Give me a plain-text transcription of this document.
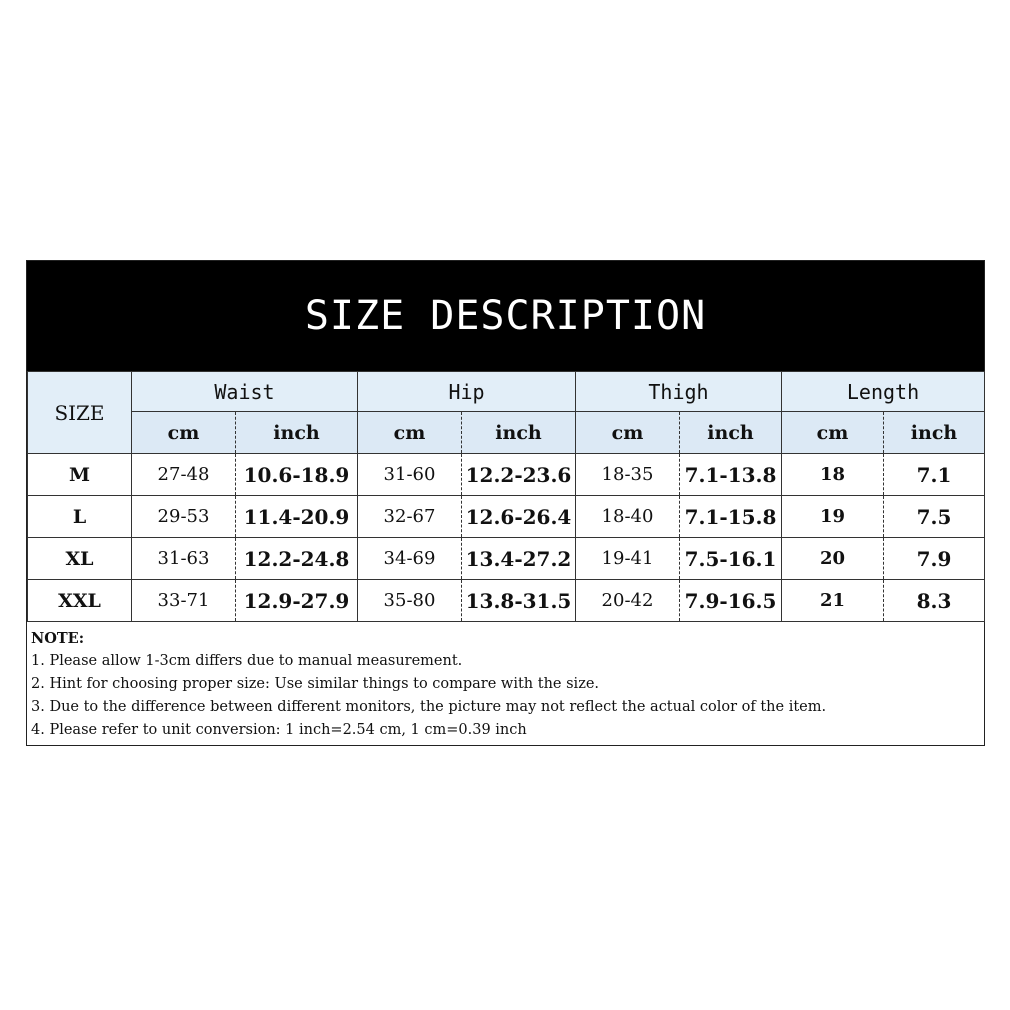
SIZE DESCRIPTION
SIZE	Waist		Hip		Thigh		Length	
	cm	inch	cm	inch	cm	inch	cm	inch
M	27-48	10.6-18.9	31-60	12.2-23.6	18-35	7.1-13.8	18	7.1
L	29-53	11.4-20.9	32-67	12.6-26.4	18-40	7.1-15.8	19	7.5
XL	31-63	12.2-24.8	34-69	13.4-27.2	19-41	7.5-16.1	20	7.9
XXL	33-71	12.9-27.9	35-80	13.8-31.5	20-42	7.9-16.5	21	8.3
NOTE:
1. Please allow 1-3cm differs due to manual measurement.
2. Hint for choosing proper size: Use similar things to compare with the size.
3. Due to the difference between different monitors, the picture may not reflect the actual color of the item.
4. Please refer to unit conversion: 1 inch=2.54 cm, 1 cm=0.39 inch
